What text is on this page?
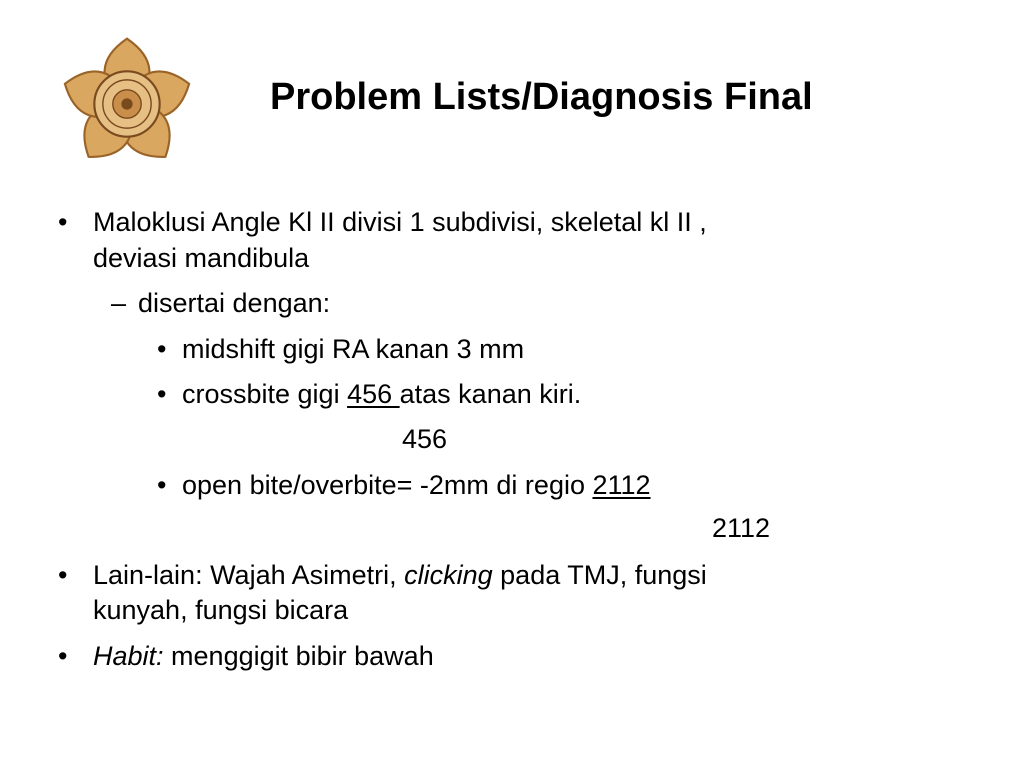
Problem Lists/Diagnosis Final
• Maloklusi Angle Kl II divisi 1 subdivisi, skeletal kl II ,
deviasi mandibula
– disertai dengan:
• midshift gigi RA kanan 3 mm
• crossbite gigi 456 atas kanan kiri.
456
• open bite/overbite= -2mm di regio 2112
2112
• Lain-lain: Wajah Asimetri, clicking pada TMJ, fungsi
kunyah, fungsi bicara
• Habit: menggigit bibir bawah
